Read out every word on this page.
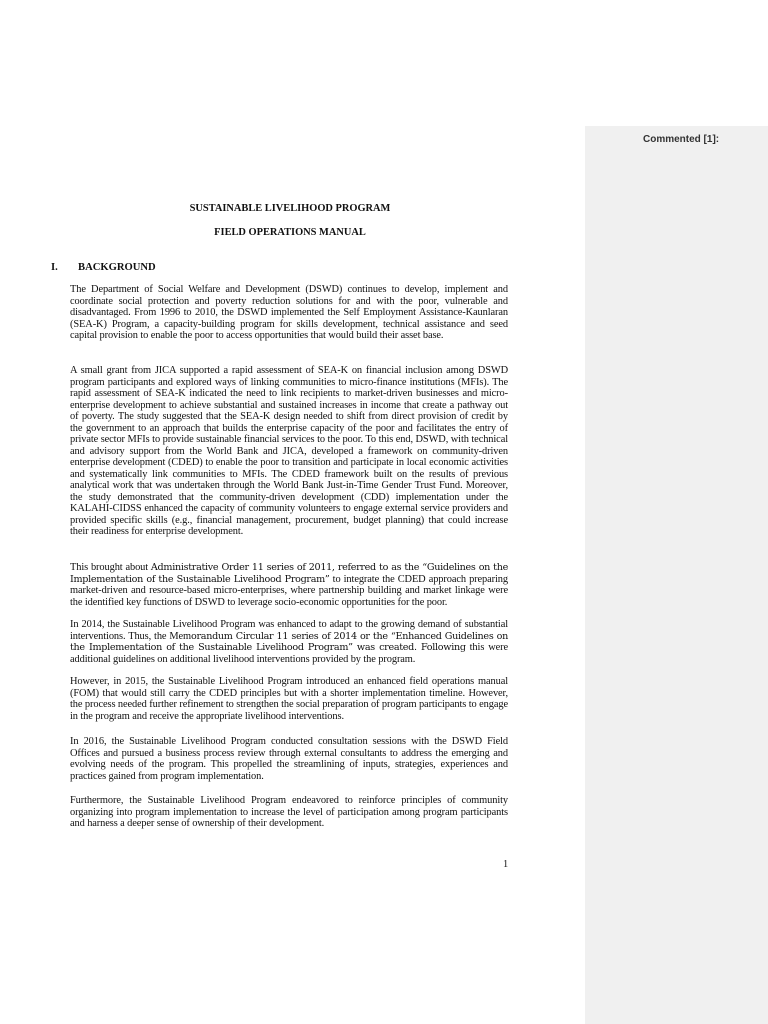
Commented [1]:

SUSTAINABLE LIVELIHOOD PROGRAM

FIELD OPERATIONS MANUAL

I. BACKGROUND

The Department of Social Welfare and Development (DSWD) continues to develop, implement and coordinate social protection and poverty reduction solutions for and with the poor, vulnerable and disadvantaged. From 1996 to 2010, the DSWD implemented the Self Employment Assistance-Kaunlaran (SEA-K) Program, a capacity-building program for skills development, technical assistance and seed capital provision to enable the poor to access opportunities that would build their asset base.

A small grant from JICA supported a rapid assessment of SEA-K on financial inclusion among DSWD program participants and explored ways of linking communities to micro-finance institutions (MFIs). The rapid assessment of SEA-K indicated the need to link recipients to market-driven businesses and micro-enterprise development to achieve substantial and sustained increases in income that create a pathway out of poverty. The study suggested that the SEA-K design needed to shift from direct provision of credit by the government to an approach that builds the enterprise capacity of the poor and facilitates the entry of private sector MFIs to provide sustainable financial services to the poor. To this end, DSWD, with technical and advisory support from the World Bank and JICA, developed a framework on community-driven enterprise development (CDED) to enable the poor to transition and participate in local economic activities and systematically link communities to MFIs. The CDED framework built on the results of previous analytical work that was undertaken through the World Bank Just-in-Time Gender Trust Fund. Moreover, the study demonstrated that the community-driven development (CDD) implementation under the KALAHI-CIDSS enhanced the capacity of community volunteers to engage external service providers and provided specific skills (e.g., financial management, procurement, budget planning) that could increase their readiness for enterprise development.

This brought about Administrative Order 11 series of 2011, referred to as the “Guidelines on the Implementation of the Sustainable Livelihood Program” to integrate the CDED approach preparing market-driven and resource-based micro-enterprises, where partnership building and market linkage were the identified key functions of DSWD to leverage socio-economic opportunities for the poor.

In 2014, the Sustainable Livelihood Program was enhanced to adapt to the growing demand of substantial interventions. Thus, the Memorandum Circular 11 series of 2014 or the “Enhanced Guidelines on the Implementation of the Sustainable Livelihood Program” was created. Following this were additional guidelines on additional livelihood interventions provided by the program.

However, in 2015, the Sustainable Livelihood Program introduced an enhanced field operations manual (FOM) that would still carry the CDED principles but with a shorter implementation timeline. However, the process needed further refinement to strengthen the social preparation of program participants to engage in the program and receive the appropriate livelihood interventions.

In 2016, the Sustainable Livelihood Program conducted consultation sessions with the DSWD Field Offices and pursued a business process review through external consultants to address the emerging and evolving needs of the program. This propelled the streamlining of inputs, strategies, experiences and practices gained from program implementation.

Furthermore, the Sustainable Livelihood Program endeavored to reinforce principles of community organizing into program implementation to increase the level of participation among program participants and harness a deeper sense of ownership of their development.

1
